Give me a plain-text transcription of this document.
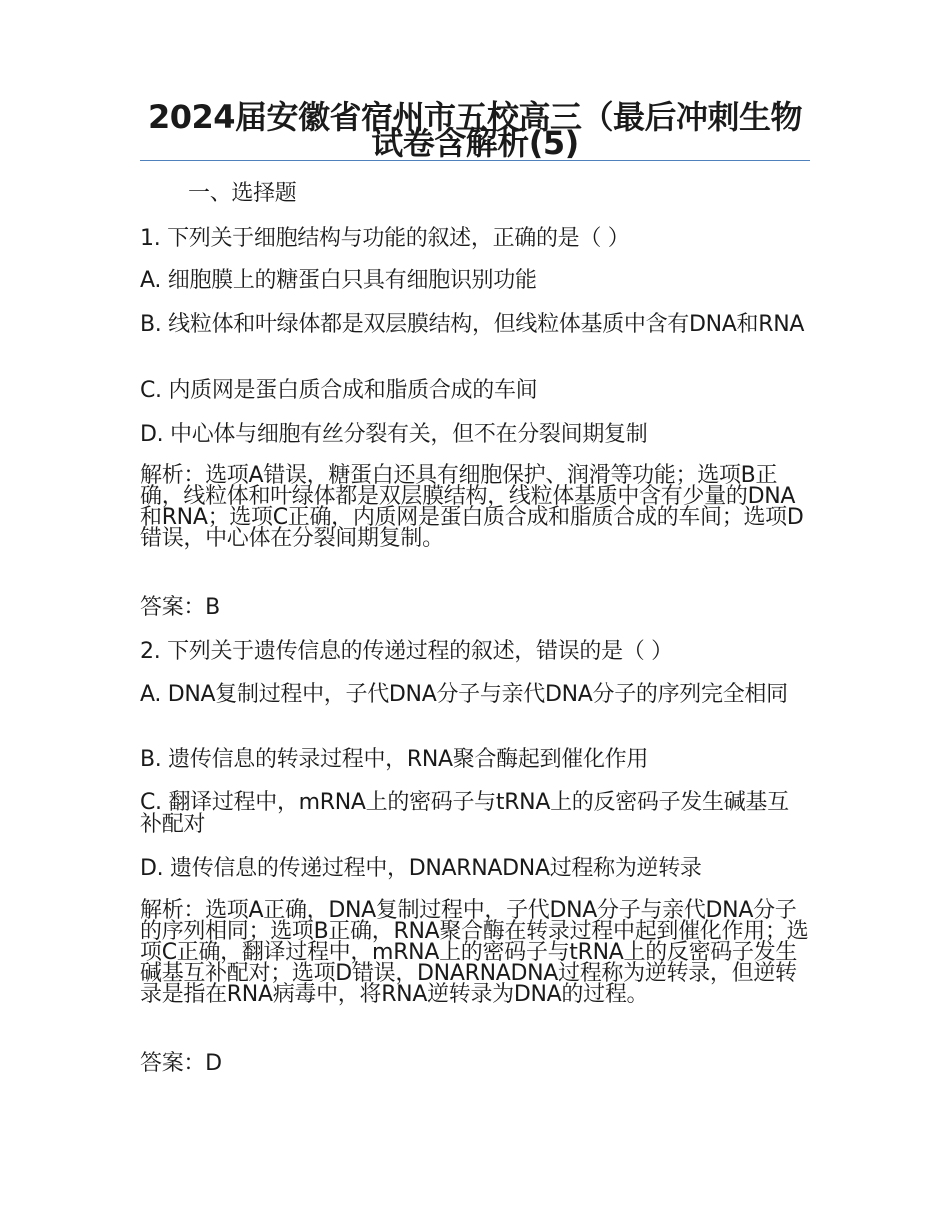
2024届安徽省宿州市五校高三（最后冲刺生物试卷含解析(5)

一、选择题

1. 下列关于细胞结构与功能的叙述，正确的是（ ）

A. 细胞膜上的糖蛋白只具有细胞识别功能

B. 线粒体和叶绿体都是双层膜结构，但线粒体基质中含有DNA和RNA

C. 内质网是蛋白质合成和脂质合成的车间

D. 中心体与细胞有丝分裂有关，但不在分裂间期复制

解析：选项A错误，糖蛋白还具有细胞保护、润滑等功能；选项B正确，线粒体和叶绿体都是双层膜结构，线粒体基质中含有少量的DNA和RNA；选项C正确，内质网是蛋白质合成和脂质合成的车间；选项D错误，中心体在分裂间期复制。

答案：B

2. 下列关于遗传信息的传递过程的叙述，错误的是（ ）

A. DNA复制过程中，子代DNA分子与亲代DNA分子的序列完全相同

B. 遗传信息的转录过程中，RNA聚合酶起到催化作用

C. 翻译过程中，mRNA上的密码子与tRNA上的反密码子发生碱基互补配对

D. 遗传信息的传递过程中，DNARNADNA过程称为逆转录

解析：选项A正确，DNA复制过程中，子代DNA分子与亲代DNA分子的序列相同；选项B正确，RNA聚合酶在转录过程中起到催化作用；选项C正确，翻译过程中，mRNA上的密码子与tRNA上的反密码子发生碱基互补配对；选项D错误，DNARNADNA过程称为逆转录，但逆转录是指在RNA病毒中，将RNA逆转录为DNA的过程。

答案：D
